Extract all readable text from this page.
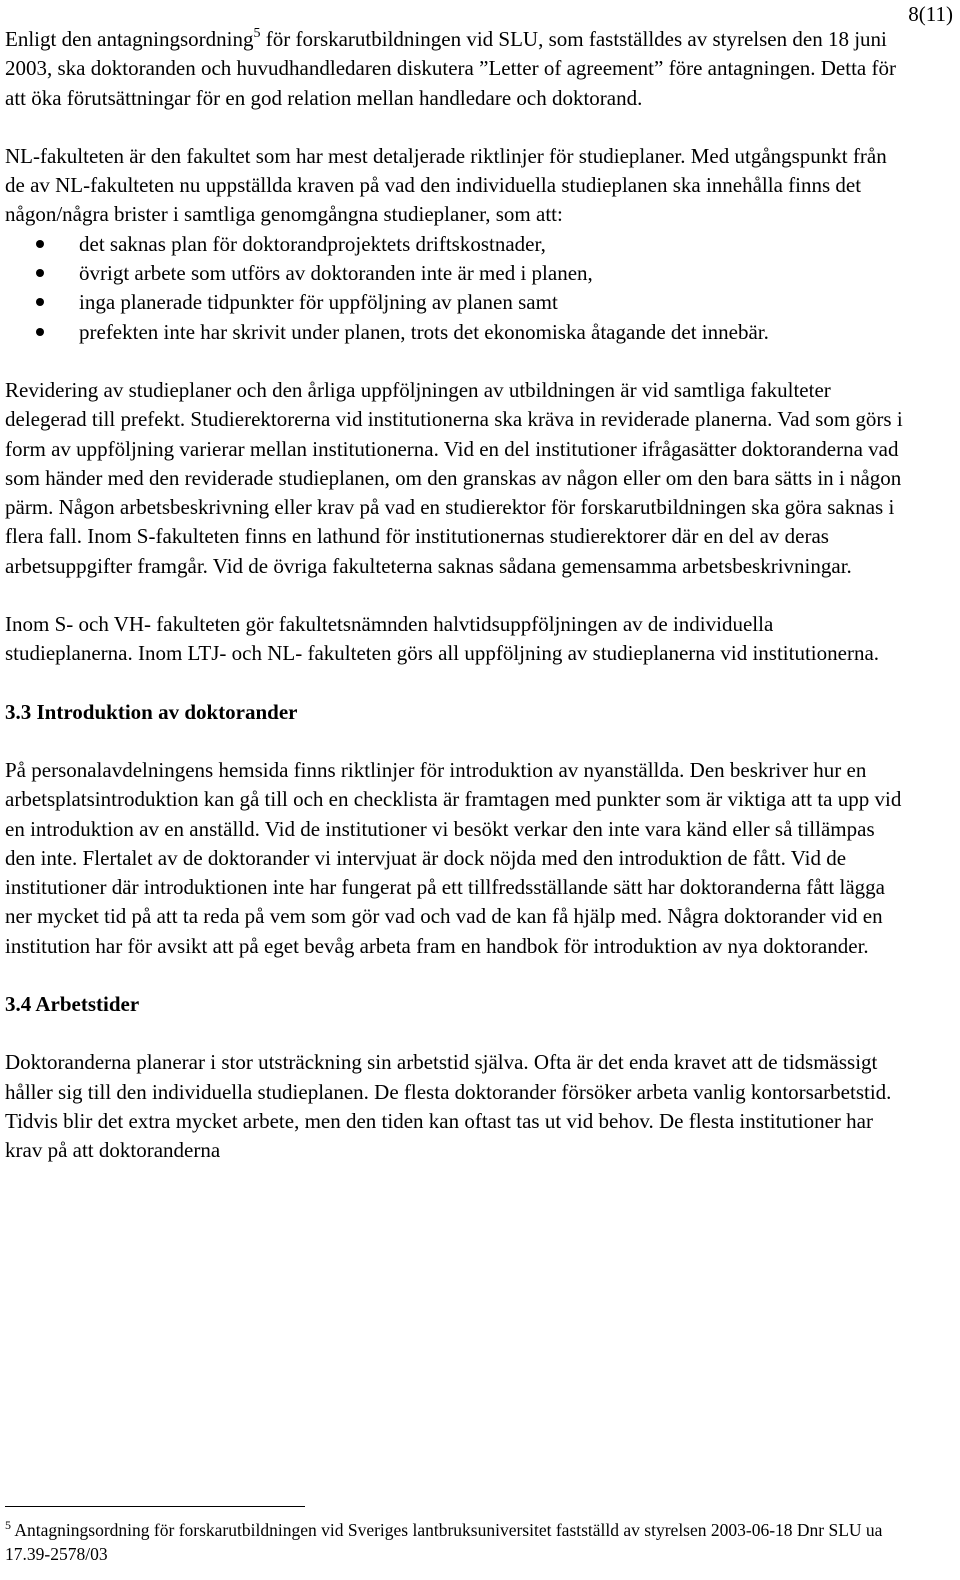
8(11)

Enligt den antagningsordning$^5$ för forskarutbildningen vid SLU, som fastställdes av styrelsen den 18 juni 2003, ska doktoranden och huvudhandledaren diskutera ”Letter of agreement” före antagningen. Detta för att öka förutsättningar för en god relation mellan handledare och doktorand.

NL-fakulteten är den fakultet som har mest detaljerade riktlinjer för studieplaner. Med utgångspunkt från de av NL-fakulteten nu uppställda kraven på vad den individuella studieplanen ska innehålla finns det någon/några brister i samtliga genomgångna studieplaner, som att:

det saknas plan för doktorandprojektets driftskostnader,
övrigt arbete som utförs av doktoranden inte är med i planen,
inga planerade tidpunkter för uppföljning av planen samt
prefekten inte har skrivit under planen, trots det ekonomiska åtagande det innebär.

Revidering av studieplaner och den årliga uppföljningen av utbildningen är vid samtliga fakulteter delegerad till prefekt. Studierektorerna vid institutionerna ska kräva in reviderade planerna. Vad som görs i form av uppföljning varierar mellan institutionerna. Vid en del institutioner ifrågasätter doktoranderna vad som händer med den reviderade studieplanen, om den granskas av någon eller om den bara sätts in i någon pärm. Någon arbetsbeskrivning eller krav på vad en studierektor för forskarutbildningen ska göra saknas i flera fall. Inom S-fakulteten finns en lathund för institutionernas studierektorer där en del av deras arbetsuppgifter framgår. Vid de övriga fakulteterna saknas sådana gemensamma arbetsbeskrivningar.

Inom S- och VH- fakulteten gör fakultetsnämnden halvtidsuppföljningen av de individuella studieplanerna. Inom LTJ- och NL- fakulteten görs all uppföljning av studieplanerna vid institutionerna.

3.3 Introduktion av doktorander

På personalavdelningens hemsida finns riktlinjer för introduktion av nyanställda. Den beskriver hur en arbetsplatsintroduktion kan gå till och en checklista är framtagen med punkter som är viktiga att ta upp vid en introduktion av en anställd. Vid de institutioner vi besökt verkar den inte vara känd eller så tillämpas den inte. Flertalet av de doktorander vi intervjuat är dock nöjda med den introduktion de fått. Vid de institutioner där introduktionen inte har fungerat på ett tillfredsställande sätt har doktoranderna fått lägga ner mycket tid på att ta reda på vem som gör vad och vad de kan få hjälp med. Några doktorander vid en institution har för avsikt att på eget bevåg arbeta fram en handbok för introduktion av nya doktorander.

3.4 Arbetstider

Doktoranderna planerar i stor utsträckning sin arbetstid själva. Ofta är det enda kravet att de tidsmässigt håller sig till den individuella studieplanen. De flesta doktorander försöker arbeta vanlig kontorsarbetstid. Tidvis blir det extra mycket arbete, men den tiden kan oftast tas ut vid behov. De flesta institutioner har krav på att doktoranderna

$^5$ Antagningsordning för forskarutbildningen vid Sveriges lantbruksuniversitet fastställd av styrelsen 2003-06-18 Dnr SLU ua 17.39-2578/03
